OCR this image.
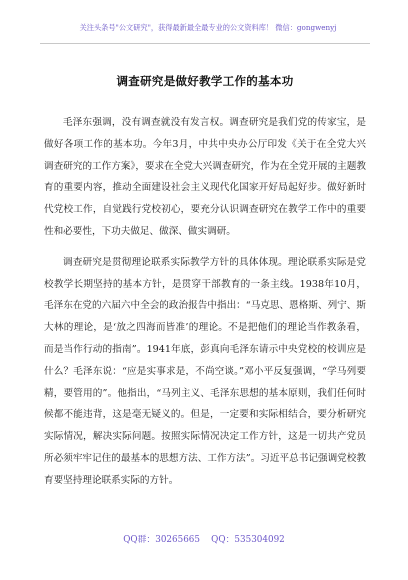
关注头条号"公文研究"，获得最新最全最专业的公文资料库！ 微信：gongwenyj
调查研究是做好教学工作的基本功

毛泽东强调，没有调查就没有发言权。调查研究是我们党的传家宝，是做好各项工作的基本功。今年3月，中共中央办公厅印发《关于在全党大兴调查研究的工作方案》，要求在全党大兴调查研究，作为在全党开展的主题教育的重要内容，推动全面建设社会主义现代化国家开好局起好步。做好新时代党校工作，自觉践行党校初心，要充分认识调查研究在教学工作中的重要性和必要性，下功夫做足、做深、做实调研。

调查研究是贯彻理论联系实际教学方针的具体体现。理论联系实际是党校教学长期坚持的基本方针，是贯穿干部教育的一条主线。1938年10月，毛泽东在党的六届六中全会的政治报告中指出：“马克思、恩格斯、列宁、斯大林的理论，是‘放之四海而皆准’的理论。不是把他们的理论当作教条看，而是当作行动的指南”。1941年底，彭真向毛泽东请示中央党校的校训应是什么？毛泽东说：“应是实事求是，不尚空谈。”邓小平反复强调，“学马列要精，要管用的”。他指出，“马列主义、毛泽东思想的基本原则，我们任何时候都不能违背，这是毫无疑义的。但是，一定要和实际相结合，要分析研究实际情况，解决实际问题。按照实际情况决定工作方针，这是一切共产党员所必须牢牢记住的最基本的思想方法、工作方法”。习近平总书记强调党校教育要坚持理论联系实际的方针。

QQ群：30265665    QQ：535304092
